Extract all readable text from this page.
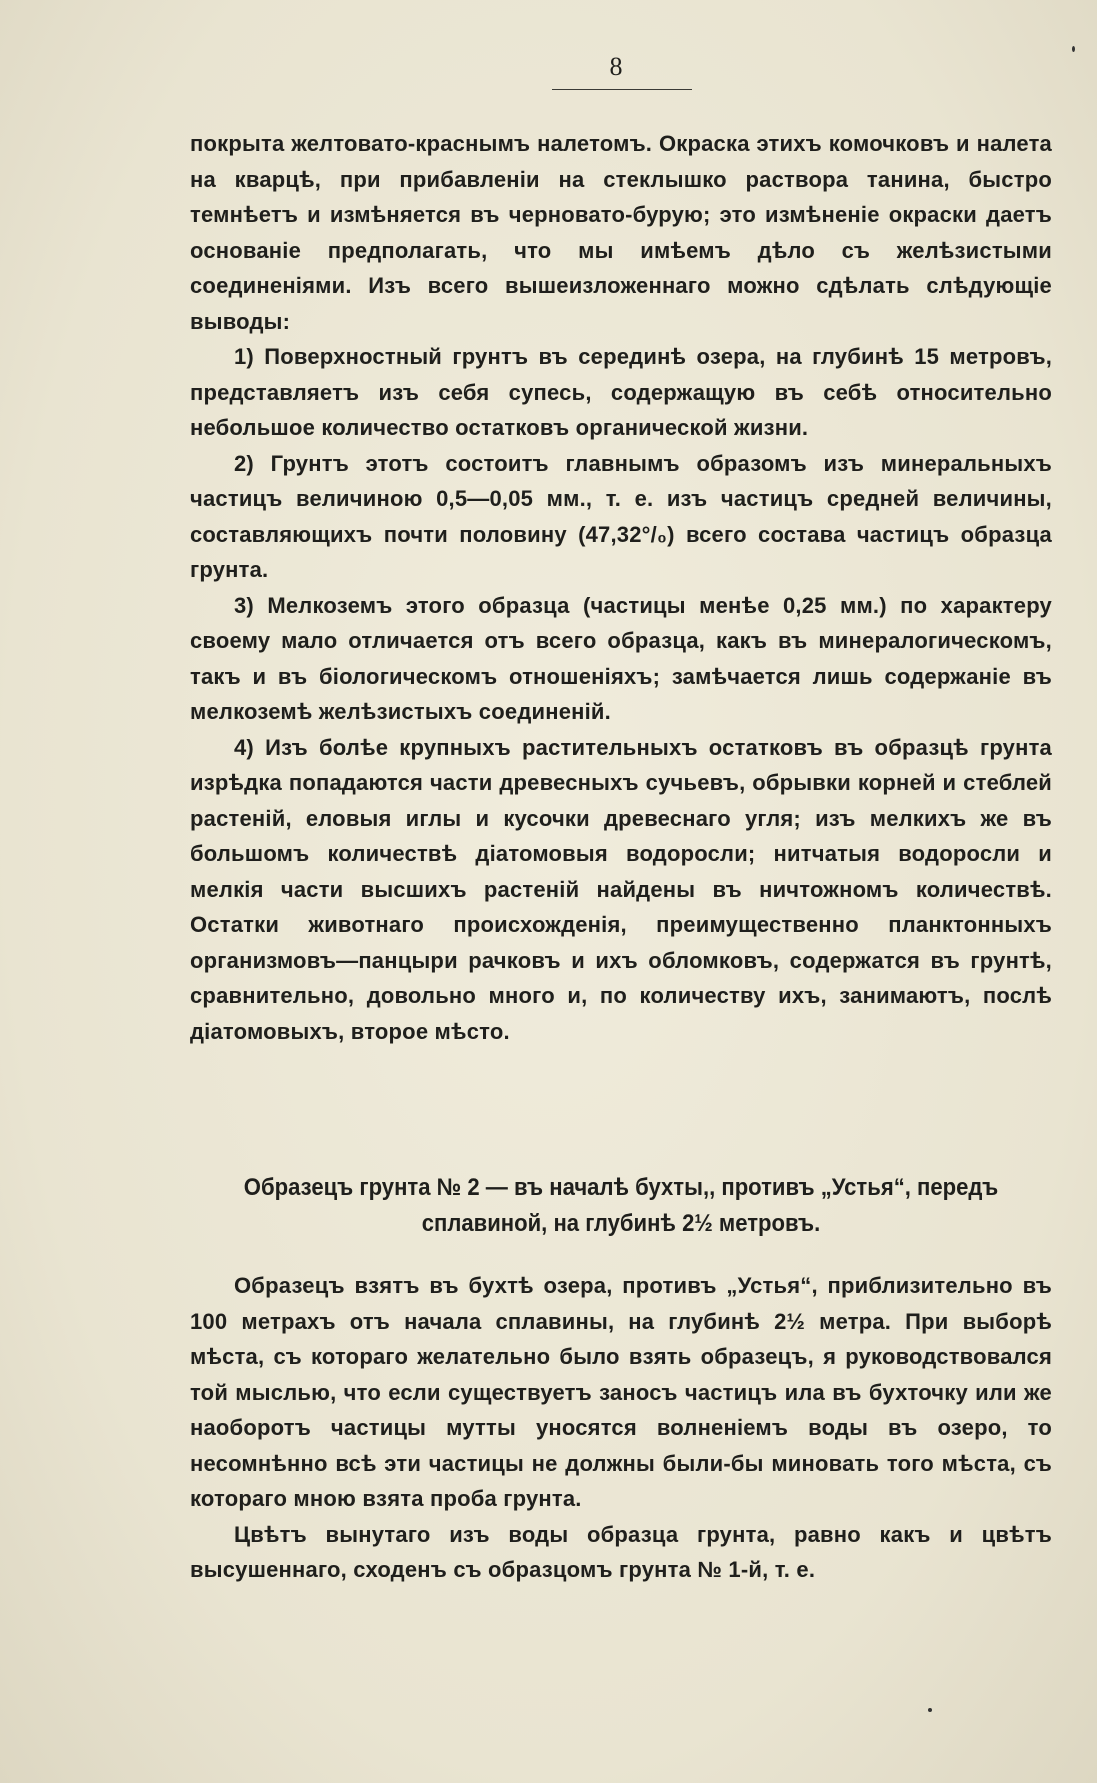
8

покрыта желтовато-краснымъ налетомъ. Окраска этихъ комочковъ и налета на кварцѣ, при прибавленіи на стеклышко раствора танина, быстро темнѣетъ и измѣняется въ черновато-бурую; это измѣненіе окраски даетъ основаніе предполагать, что мы имѣемъ дѣло съ желѣзистыми соединеніями. Изъ всего вышеизложеннаго можно сдѣлать слѣдующіе выводы:

1) Поверхностный грунтъ въ серединѣ озера, на глубинѣ 15 метровъ, представляетъ изъ себя супесь, содержащую въ себѣ относительно небольшое количество остатковъ органической жизни.

2) Грунтъ этотъ состоитъ главнымъ образомъ изъ минеральныхъ частицъ величиною 0,5—0,05 мм., т. е. изъ частицъ средней величины, составляющихъ почти половину (47,32°/₀) всего состава частицъ образца грунта.

3) Мелкоземъ этого образца (частицы менѣе 0,25 мм.) по характеру своему мало отличается отъ всего образца, какъ въ минералогическомъ, такъ и въ біологическомъ отношеніяхъ; замѣчается лишь содержаніе въ мелкоземѣ желѣзистыхъ соединеній.

4) Изъ болѣе крупныхъ растительныхъ остатковъ въ образцѣ грунта изрѣдка попадаются части древесныхъ сучьевъ, обрывки корней и стеблей растеній, еловыя иглы и кусочки древеснаго угля; изъ мелкихъ же въ большомъ количествѣ діатомовыя водоросли; нитчатыя водоросли и мелкія части высшихъ растеній найдены въ ничтожномъ количествѣ. Остатки животнаго происхожденія, преимущественно планктонныхъ организмовъ—панцыри рачковъ и ихъ обломковъ, содержатся въ грунтѣ, сравнительно, довольно много и, по количеству ихъ, занимаютъ, послѣ діатомовыхъ, второе мѣсто.

Образецъ грунта № 2 — въ началѣ бухты,, противъ „Устья“, передъ
сплавиной, на глубинѣ 2½ метровъ.

Образецъ взятъ въ бухтѣ озера, противъ „Устья“, приблизительно въ 100 метрахъ отъ начала сплавины, на глубинѣ 2½ метра. При выборѣ мѣста, съ котораго желательно было взять образецъ, я руководствовался той мыслью, что если существуетъ заносъ частицъ ила въ бухточку или же наоборотъ частицы мутты уносятся волненіемъ воды въ озеро, то несомнѣнно всѣ эти частицы не должны были-бы миновать того мѣста, съ котораго мною взята проба грунта.

Цвѣтъ вынутаго изъ воды образца грунта, равно какъ и цвѣтъ высушеннаго, сходенъ съ образцомъ грунта № 1-й, т. е.
